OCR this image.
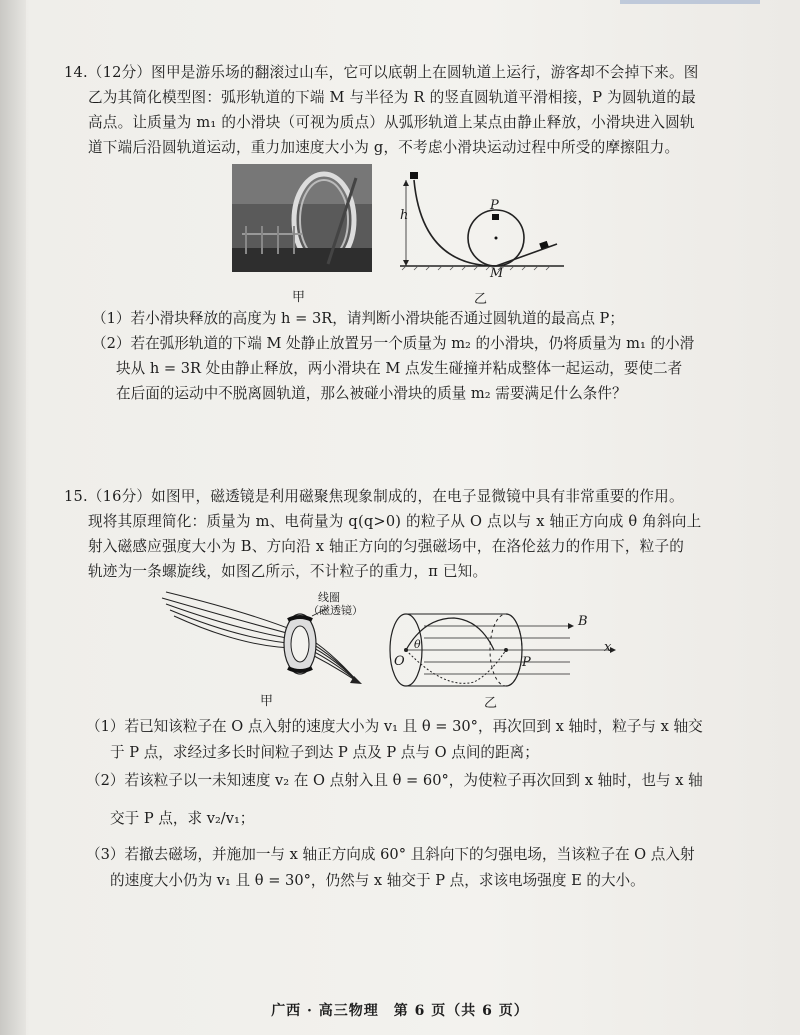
14.（12分）图甲是游乐场的翻滚过山车，它可以底朝上在圆轨道上运行，游客却不会掉下来。图
乙为其简化模型图：弧形轨道的下端 M 与半径为 R 的竖直圆轨道平滑相接，P 为圆轨道的最
高点。让质量为 m₁ 的小滑块（可视为质点）从弧形轨道上某点由静止释放，小滑块进入圆轨
道下端后沿圆轨道运动，重力加速度大小为 g，不考虑小滑块运动过程中所受的摩擦阻力。
甲
h
P
M
乙
（1）若小滑块释放的高度为 h = 3R，请判断小滑块能否通过圆轨道的最高点 P；
（2）若在弧形轨道的下端 M 处静止放置另一个质量为 m₂ 的小滑块，仍将质量为 m₁ 的小滑
块从 h = 3R 处由静止释放，两小滑块在 M 点发生碰撞并粘成整体一起运动，要使二者
在后面的运动中不脱离圆轨道，那么被碰小滑块的质量 m₂ 需要满足什么条件？
15.（16分）如图甲，磁透镜是利用磁聚焦现象制成的，在电子显微镜中具有非常重要的作用。
现将其原理简化：质量为 m、电荷量为 q(q>0) 的粒子从 O 点以与 x 轴正方向成 θ 角斜向上
射入磁感应强度大小为 B、方向沿 x 轴正方向的匀强磁场中，在洛伦兹力的作用下，粒子的
轨迹为一条螺旋线，如图乙所示，不计粒子的重力，π 已知。
线圈
（磁透镜）
甲
B
x
O
θ
P
乙
（1）若已知该粒子在 O 点入射的速度大小为 v₁ 且 θ = 30°，再次回到 x 轴时，粒子与 x 轴交
于 P 点，求经过多长时间粒子到达 P 点及 P 点与 O 点间的距离；
（2）若该粒子以一未知速度 v₂ 在 O 点射入且 θ = 60°，为使粒子再次回到 x 轴时，也与 x 轴
交于 P 点，求 v₂/v₁；
（3）若撤去磁场，并施加一与 x 轴正方向成 60° 且斜向下的匀强电场，当该粒子在 O 点入射
的速度大小仍为 v₁ 且 θ = 30°，仍然与 x 轴交于 P 点，求该电场强度 E 的大小。
广西 · 高三物理　第 6 页（共 6 页）
